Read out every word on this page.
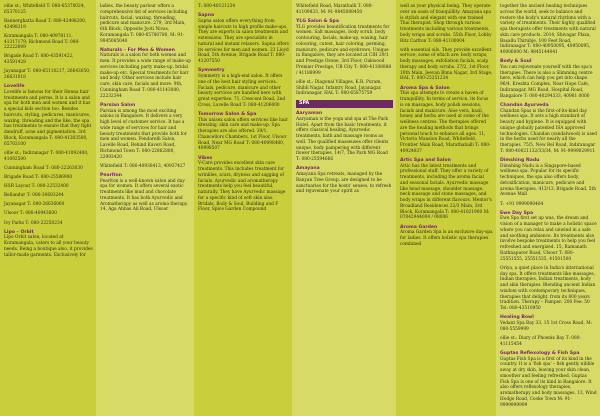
ollie st.; Whitefield T: 080-65370024, 65370125
Bannerghatta Road T: 080-42498200, 42498219
Koramangala T: 080-40978111, 41317179; Richmond Road T: 080-22222009
Brigade Road T: 080-43591422, 43591428
Jayanagar T: 080-65110217, 26643050, 26631018
Lovelife
Lovelife is famous for their Henna hair treatments and perms. It is a salon and spa for both men and women and it has a special kids section too. Besides haircuts, styling, pedicures, manicures, waxing, threading and the like, the spa has treatments to ensure that they fight dandruff, acne and pigmentation. 3rd Block, Koramangala T: 080-41303500, 65703100
ollie st.; Indiranagar T: 080-41092400, 41092500
Cunningham Road T: 080-22263030
Brigade Road T: 080-25586900
HSR Layout T: 080-22532400
Bellandur T: 080-30683244
Jayanagar T: 080-26636060
Ulsoor T: 080-40943600
Ivy Parks T: 080-22250234
Lipo – Orbit
Lipo Orbit salon, located at Koramangala, caters to all your beauty needs. Being a boutique also, it provides tailor-made garments. Exclusively for
ladies, the beauty parlour offers a comprehensive list of services including haircuts, facial, waxing, threading, pedicure and manicure. 279, 3rd Main, 6th Block, Opposite Jyoti Nivas, Koramangala T: 080-65780780, M: 91-9845065040
Naturals – For Men & Women
Naturals is a salon for both women and men. It provides a wide range of make-up services including party make-up, bridal make-up etc. Special treatments for hair and body. Other services include hair care, skin care, facials and more. 9th, Cunningham Road T: 080-41143080, 22232344
Parsian Salon
Parsian is among the most exciting salons in Bangalore. It delivers a very high level of customer service. It has a wide range of services for hair and beauty treatments that provide both for men and women. Fendarelli Salon, Lavelle Road, Behind Kaveri Road, Richmond Town T: 080-22862880, 22993420
Whitefield T: 080-40938413, 40937427
Pearlton
Pearlton is a well-known salon and day spa for women. It offers several exotic treatments like mud and chocolate treatments. It has both Ayurvedic and Aromatherapy as well as aroma therapy. 14, Aga Abbas Ali Road, Ulsoor
T: 080-40121234
Sapna
Sapna salon offers everything from simple haircuts to high profile make-ups. They are experts in salon treatments and extensions. They are specialists in natural and instant relaxers. Sapna offers its services for men and women. 23 Lloyd Road, 5th Avenue, Brigade Road T: 080-41207550
Symmetry
Symmetry is a high-end salon. It offers one of the best hair styling services. Facials, pedicure, manicure and other beauty services are handled here with great expertise. 71, Crescent Road, 2nd Cross, Lavelle Road T: 080-41206000
Tomorrow Salon & Spa
This unisex salon offers services like hair dressing, skin care and make-up. Spa therapies are also offered. 39/1, Chancellors Chambers, 1st Floor, Ulsoor Road, Near MG Road T: 080-40998480, 40998507
Vibes
V-Care provides excellent skin care treatments. This includes treatment for wrinkles, scars, dryness and sagging of facials. Ayurvedic and aromatherapy treatments help you feel beautiful, naturally. They have Ayurvedic massage for a specific kind of soft skin also. Bridals, Body & Soul, Building and F Floor, Spice Garden Compound
Whitefield Road, Marathalli T: 080-41109833, M: 91-9845088450
YLG Salon & Spa
YLG provides beautification treatments for women. Salt massages, body scrub, body contouring, facials, make-up, waxing, hair colouring, cutest, hair coloring, perming, manicure, pedicure and eyebrows. Unique in Bangalore, they are located at CIH 29/1 and Prestige Ozone, 3rd Floor, Oakwood Premier Prestige, UB City T: 080-41188888 / 41188999
ollie st.: Diagonal Villages, K.R. Puram, Shibli Nagar, Infantry Road, Jayanagar, Indiranagar, HAL T: 080-65875759
SPA
Aaryaman
Aaryaman is the yoga and spa at The Park Hotel. Apart from the basic treatments, it offers classical healing, Ayurvedic treatments, bath and massage rooms as well. The qualified masseuses offer clients unique, body pampering with different flower therapies. 14/7, The Park MG Road T: 080-25594666
Amayana
Amayana Spa retreats, managed by the Banyan Tree Group, are designed to be sanctuaries for the hosts' senses, to refresh and rejuvenate your spirit as
well as your physical being. They operate over an oasis of tranquillity. Amayana spa is stylish and elegant with one trained Thai therapist. Shop through various treatments including various treatments, body wraps and scrubs. 55th Floor, Lobby Ritz Carlton T: 080-41100004
with essential oils. They provide excellent service, some of which are: body wraps, body massages, exfoliation facials, scalp therapy and body scrubs. 27/2, 1st Floor, 10th Main, Jeevan Bima Nagar, 3rd Stage, HAL T: 080-25251234
Aroma Spa & Salon
This spa attempts to create a haven of tranquillity. In terms of service, its focus is on massages, body polish sessions, facials and manicure. Aloe vera, basil, honey and herbs are used at some of the wellness centres. The therapies offered are the healing methods that brings personal touch to enhance all ages. 11, Victoria Mansion Road, Whitefield, Frontier Main Road, Marathahalli T: 080-40924037
Artic Spa and Salon
Artic has the latest treatments and professional staff. They offer a variety of treatments, including the aroma facial and seasonal facials. Ayurvedic massage like head massage, shoulder massage, neck massage and stone massages, and body wraps in different flavours. Mentor's Broadland Residences 22/3 Main, 3rd Block, Koramangala T: 080-41021900 M: 07042944004 / 08006
Aroma Garden
Aroma Garden Spa is an exclusive day-spa for ladies. It offers holistic spa therapies combined
together the ancient healing techniques across the world, seek to balance and restore the body's natural rhythms with a variety of treatments. Their highly qualified spa therapists offer treatments with natural skin care products. 2014, Shivagar Plaza, Basallu Thirubje, 100 Feet Road, Indiranagar T: 080-40950095, 40950095, 40006000 M: 9845144041
Body & Soul
You can rejuvenate yourself with the spa's therapies. There is also a Slimming centre here, which can help you get into shape. 96/4, Kreshta Complex, Near Hope Cafe, Indiranagar, MG Road, Hospital Road, Bangalore T: 080-40294333, 40981 0000
Chandan Ayurveda
Chandan Spas is the first-of-its-kind day wellness spa. It sets a high standard of beauty and hygiene. It is equipped with unique globally patented ISA approved technologies. Chandan (sandalwood) is used in the herbs used for nearly all the therapies. 75/5, New Bel Road, Indiranagar T: 080-40021132/33/34, M: 91-9999029911
Dimshing Nadu
Dimshing Nadu is a Singapore-based wellness spa. Popular for its specific techniques, the spa also offers body, detoxification, manicure, pedicure and aroma therapies. 413/13, Brigade Road, 5th Avenue Mall
T: +91 9999090464
Ewe Day Spa
Ewe Spa first set up was, the dream and vision of a manager to make a holistic space where you can relax and unwind in a safe and soothing ambience. Its treatments also involve bespoke treatments to help you feel refreshed and energized. 15, Ramanath Rathnapurer Road, Ulsoor T: 080-25551555, 25551535, 41501500
Oriya, a quiet place in India's international day spa. It offers treatments like massages, Indian therapies, Indian treatments, body and skin therapies. Blending ancient Indian wisdom with contemporary techniques, therapies that delight, from its 800 years tradition. Therapy – Pamper: 200 Fee: 50 Tel: 080-43510950
Healing Bowl
Vedant Spa Bay 33, 15 1st Cross Road, M: 080-5559999
ollie st.: Diary of Phoenix Bay T: 080-41115454
Guptas Reflexology & Fish Spa
Guptas Fish Spa is a first of its kind in the country. It is a 'fish spa' – fish gently nibble away at dry skin, leaving your skin clean, smoother and feeling refreshed. Guptas Fish Spa is one of its kind in Bangalore. It also offers reflexology therapies, aromatherapy and body massages. 13, Wind Hodge Road, Cooke Town M: 91-9999999999
